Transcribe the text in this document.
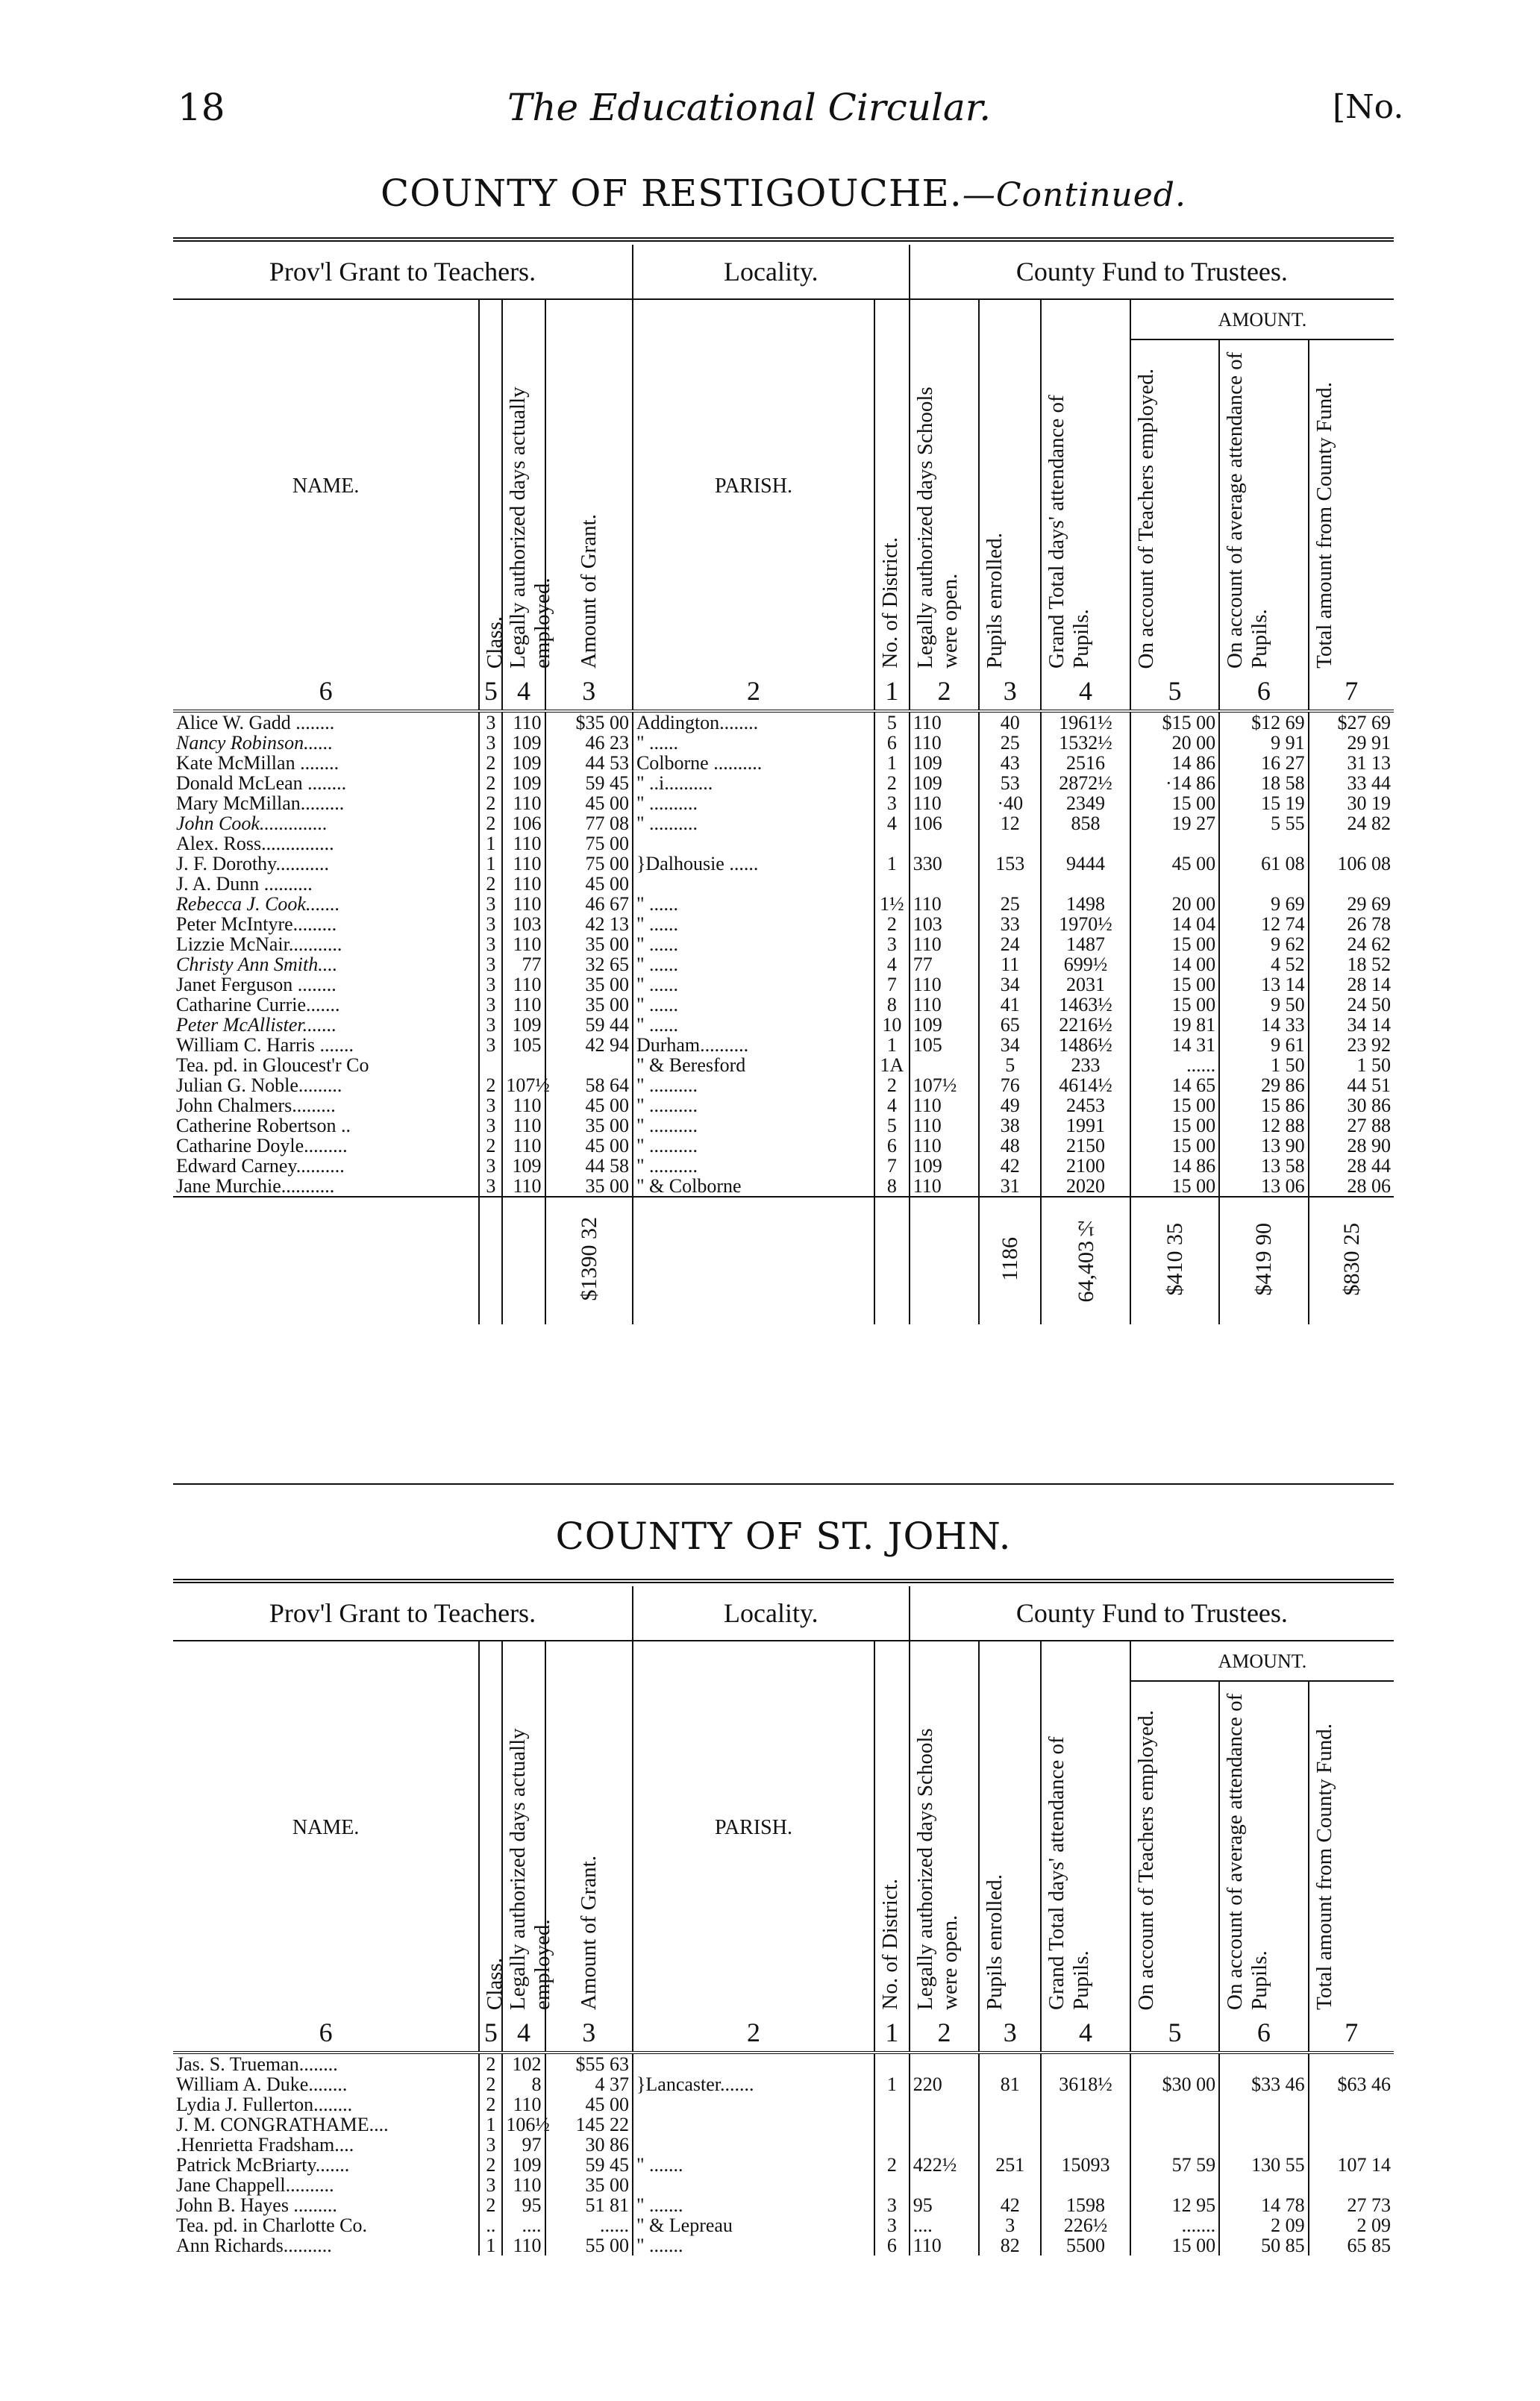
18	The Educational Circular.	[No.
COUNTY OF RESTIGOUCHE.—Continued.
Prov'l Grant to Teachers.				Locality.		County Fund to Trustees.					
NAME.	Class.	Legally authorized days actually employed.	Amount of Grant.	PARISH.	No. of District.	Legally authorized days Schools were open.	Pupils enrolled.	Grand Total days' attendance of Pupils.	AMOUNT.		
									On account of Teachers employed.	On account of average attendance of Pupils.	Total amount from County Fund.
6	5	4	3	2	1	2	3	4	5	6	7
Alice W. Gadd ........	3	110	$35 00	Addington........	5	110	40	1961½	$15 00	$12 69	$27 69
Nancy Robinson......	3	109	46 23	" ......	6	110	25	1532½	20 00	9 91	29 91
Kate McMillan ........	2	109	44 53	Colborne ..........	1	109	43	2516	14 86	16 27	31 13
Donald McLean ........	2	109	59 45	" ..i..........	2	109	53	2872½	·14 86	18 58	33 44
Mary McMillan.........	2	110	45 00	" ..........	3	110	·40	2349	15 00	15 19	30 19
John Cook..............	2	106	77 08	" ..........	4	106	12	858	19 27	5 55	24 82
Alex. Ross...............	1	110	75 00								
J. F. Dorothy...........	1	110	75 00	}Dalhousie ......	1	330	153	9444	45 00	61 08	106 08
J. A. Dunn ..........	2	110	45 00								
Rebecca J. Cook.......	3	110	46 67	" ......	1½	110	25	1498	20 00	9 69	29 69
Peter McIntyre.........	3	103	42 13	" ......	2	103	33	1970½	14 04	12 74	26 78
Lizzie McNair...........	3	110	35 00	" ......	3	110	24	1487	15 00	9 62	24 62
Christy Ann Smith....	3	77	32 65	" ......	4	77	11	699½	14 00	4 52	18 52
Janet Ferguson ........	3	110	35 00	" ......	7	110	34	2031	15 00	13 14	28 14
Catharine Currie.......	3	110	35 00	" ......	8	110	41	1463½	15 00	9 50	24 50
Peter McAllister.......	3	109	59 44	" ......	10	109	65	2216½	19 81	14 33	34 14
William C. Harris .......	3	105	42 94	Durham..........	1	105	34	1486½	14 31	9 61	23 92
Tea. pd. in Gloucest'r Co				" & Beresford	1A		5	233	......	1 50	1 50
Julian G. Noble.........	2	107½	58 64	" ..........	2	107½	76	4614½	14 65	29 86	44 51
John Chalmers.........	3	110	45 00	" ..........	4	110	49	2453	15 00	15 86	30 86
Catherine Robertson ..	3	110	35 00	" ..........	5	110	38	1991	15 00	12 88	27 88
Catharine Doyle.........	2	110	45 00	" ..........	6	110	48	2150	15 00	13 90	28 90
Edward Carney..........	3	109	44 58	" ..........	7	109	42	2100	14 86	13 58	28 44
Jane Murchie...........	3	110	35 00	" & Colborne	8	110	31	2020	15 00	13 06	28 06
			$1390 32				1186	64,403½	$410 35	$419 90	$830 25
COUNTY OF ST. JOHN.
Prov'l Grant to Teachers.				Locality.		County Fund to Trustees.					
NAME.	Class.	Legally authorized days actually employed.	Amount of Grant.	PARISH.	No. of District.	Legally authorized days Schools were open.	Pupils enrolled.	Grand Total days' attendance of Pupils.	AMOUNT.		
									On account of Teachers employed.	On account of average attendance of Pupils.	Total amount from County Fund.
6	5	4	3	2	1	2	3	4	5	6	7
Jas. S. Trueman........	2	102	$55 63								
William A. Duke........	2	8	4 37	}Lancaster.......	1	220	81	3618½	$30 00	$33 46	$63 46
Lydia J. Fullerton........	2	110	45 00								
J. M. CONGRATHAME....	1	106½	145 22								
.Henrietta Fradsham....	3	97	30 86								
Patrick McBriarty.......	2	109	59 45	" .......	2	422½	251	15093	57 59	130 55	107 14
Jane Chappell..........	3	110	35 00								
John B. Hayes .........	2	95	51 81	" .......	3	95	42	1598	12 95	14 78	27 73
Tea. pd. in Charlotte Co.	..	....	......	" & Lepreau	3	....	3	226½	.......	2 09	2 09
Ann Richards..........	1	110	55 00	" .......	6	110	82	5500	15 00	50 85	65 85
